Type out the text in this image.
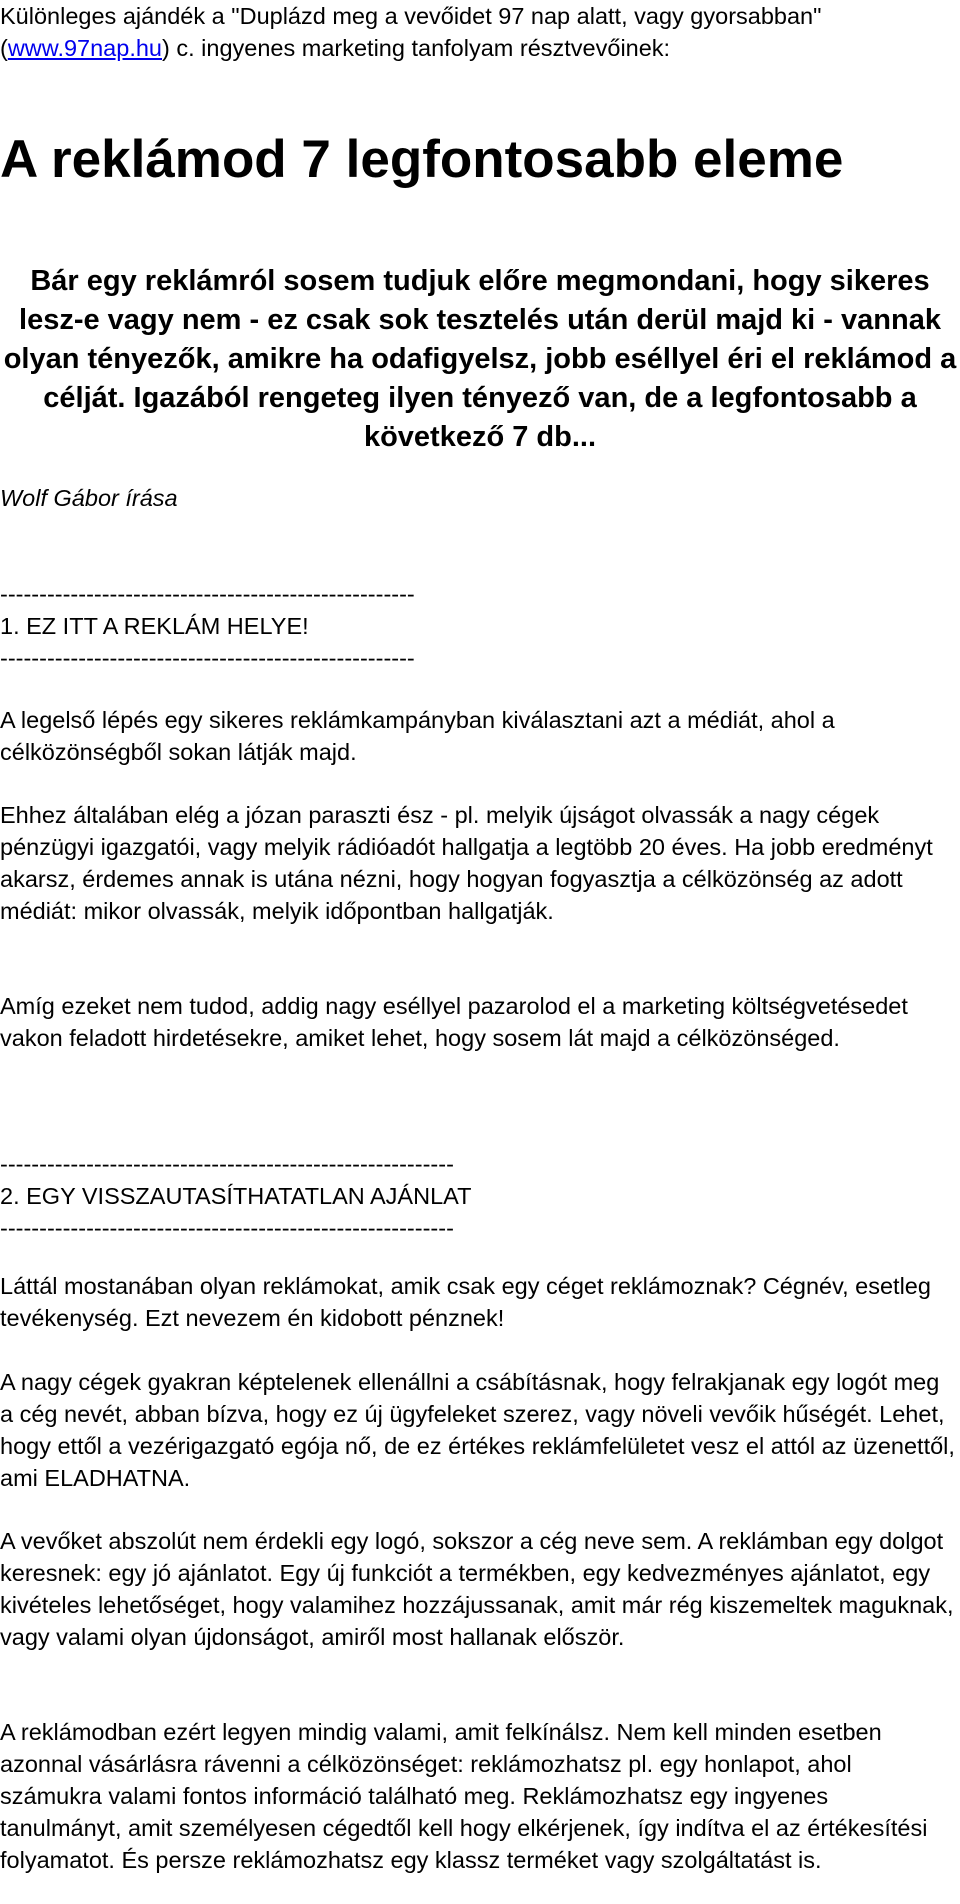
Különleges ajándék a "Duplázd meg a vevőidet 97 nap alatt, vagy gyorsabban" (www.97nap.hu) c. ingyenes marketing tanfolyam résztvevőinek:

A reklámod 7 legfontosabb eleme

Bár egy reklámról sosem tudjuk előre megmondani, hogy sikeres lesz-e vagy nem - ez csak sok tesztelés után derül majd ki - vannak olyan tényezők, amikre ha odafigyelsz, jobb eséllyel éri el reklámod a célját. Igazából rengeteg ilyen tényező van, de a legfontosabb a következő 7 db...

Wolf Gábor írása

-----------------------------------------------------

1. EZ ITT A REKLÁM HELYE!

-----------------------------------------------------

A legelső lépés egy sikeres reklámkampányban kiválasztani azt a médiát, ahol a célközönségből sokan látják majd.

Ehhez általában elég a józan paraszti ész - pl. melyik újságot olvassák a nagy cégek pénzügyi igazgatói, vagy melyik rádióadót hallgatja a legtöbb 20 éves. Ha jobb eredményt akarsz, érdemes annak is utána nézni, hogy hogyan fogyasztja a célközönség az adott médiát: mikor olvassák, melyik időpontban hallgatják.

Amíg ezeket nem tudod, addig nagy eséllyel pazarolod el a marketing költségvetésedet vakon feladott hirdetésekre, amiket lehet, hogy sosem lát majd a célközönséged.

----------------------------------------------------------

2. EGY VISSZAUTASÍTHATATLAN AJÁNLAT

----------------------------------------------------------

Láttál mostanában olyan reklámokat, amik csak egy céget reklámoznak? Cégnév, esetleg tevékenység. Ezt nevezem én kidobott pénznek!

A nagy cégek gyakran képtelenek ellenállni a csábításnak, hogy felrakjanak egy logót meg a cég nevét, abban bízva, hogy ez új ügyfeleket szerez, vagy növeli vevőik hűségét. Lehet, hogy ettől a vezérigazgató egója nő, de ez értékes reklámfelületet vesz el attól az üzenettől, ami ELADHATNA.

A vevőket abszolút nem érdekli egy logó, sokszor a cég neve sem. A reklámban egy dolgot keresnek: egy jó ajánlatot. Egy új funkciót a termékben, egy kedvezményes ajánlatot, egy kivételes lehetőséget, hogy valamihez hozzájussanak, amit már rég kiszemeltek maguknak, vagy valami olyan újdonságot, amiről most hallanak először.

A reklámodban ezért legyen mindig valami, amit felkínálsz. Nem kell minden esetben azonnal vásárlásra rávenni a célközönséget: reklámozhatsz pl. egy honlapot, ahol számukra valami fontos információ található meg. Reklámozhatsz egy ingyenes tanulmányt, amit személyesen cégedtől kell hogy elkérjenek, így indítva el az értékesítési folyamatot. És persze reklámozhatsz egy klassz terméket vagy szolgáltatást is.
